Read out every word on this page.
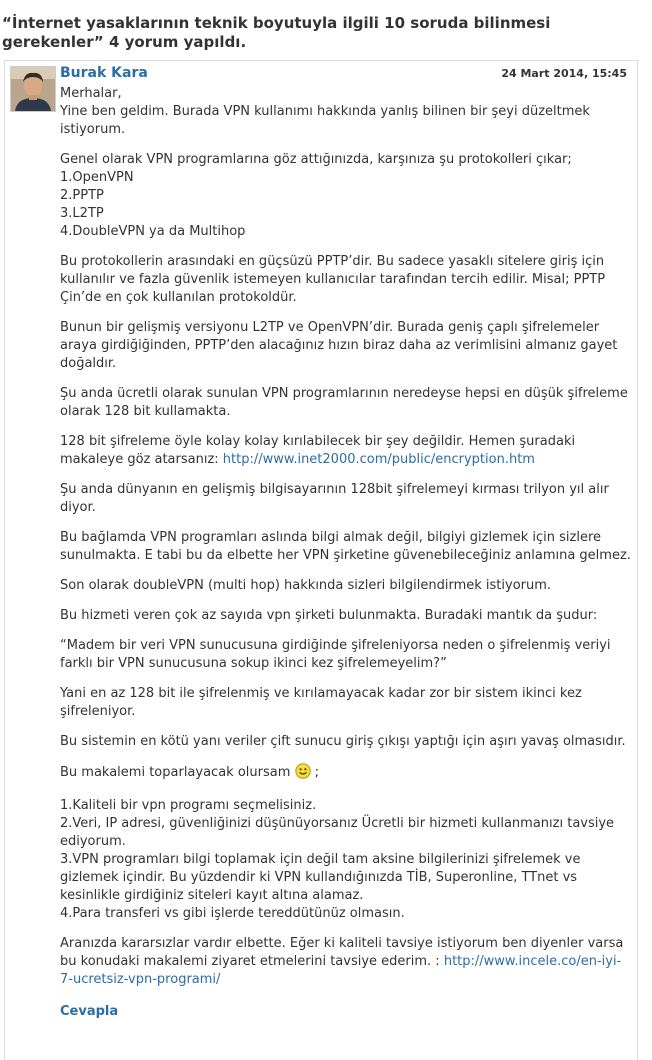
“İnternet yasaklarının teknik boyutuyla ilgili 10 soruda bilinmesi gerekenler” 4 yorum yapıldı.
Burak Kara	24 Mart 2014, 15:45

Merhalar,
Yine ben geldim. Burada VPN kullanımı hakkında yanlış bilinen bir şeyi düzeltmek istiyorum.

Genel olarak VPN programlarına göz attığınızda, karşınıza şu protokolleri çıkar;
1.OpenVPN
2.PPTP
3.L2TP
4.DoubleVPN ya da Multihop

Bu protokollerin arasındaki en güçsüzü PPTP’dir. Bu sadece yasaklı sitelere giriş için kullanılır ve fazla güvenlik istemeyen kullanıcılar tarafından tercih edilir. Misal; PPTP Çin’de en çok kullanılan protokoldür.

Bunun bir gelişmiş versiyonu L2TP ve OpenVPN’dir. Burada geniş çaplı şifrelemeler araya girdiğiğinden, PPTP’den alacağınız hızın biraz daha az verimlisini almanız gayet doğaldır.

Şu anda ücretli olarak sunulan VPN programlarının neredeyse hepsi en düşük şifreleme olarak 128 bit kullamakta.

128 bit şifreleme öyle kolay kolay kırılabilecek bir şey değildir. Hemen şuradaki makaleye göz atarsanız: http://www.inet2000.com/public/encryption.htm

Şu anda dünyanın en gelişmiş bilgisayarının 128bit şifrelemeyi kırması trilyon yıl alır diyor.

Bu bağlamda VPN programları aslında bilgi almak değil, bilgiyi gizlemek için sizlere sunulmakta. E tabi bu da elbette her VPN şirketine güvenebileceğiniz anlamına gelmez.

Son olarak doubleVPN (multi hop) hakkında sizleri bilgilendirmek istiyorum.

Bu hizmeti veren çok az sayıda vpn şirketi bulunmakta. Buradaki mantık da şudur:

“Madem bir veri VPN sunucusuna girdiğinde şifreleniyorsa neden o şifrelenmiş veriyi farklı bir VPN sunucusuna sokup ikinci kez şifrelemeyelim?”

Yani en az 128 bit ile şifrelenmiş ve kırılamayacak kadar zor bir sistem ikinci kez şifreleniyor.

Bu sistemin en kötü yanı veriler çift sunucu giriş çıkışı yaptığı için aşırı yavaş olmasıdır.

Bu makalemi toparlayacak olursam  ;

1.Kaliteli bir vpn programı seçmelisiniz.
2.Veri, IP adresi, güvenliğinizi düşünüyorsanız Ücretli bir hizmeti kullanmanızı tavsiye ediyorum.
3.VPN programları bilgi toplamak için değil tam aksine bilgilerinizi şifrelemek ve gizlemek içindir. Bu yüzdendir ki VPN kullandığınızda TİB, Superonline, TTnet vs kesinlikle girdiğiniz siteleri kayıt altına alamaz.
4.Para transferi vs gibi işlerde tereddütünüz olmasın.

Aranızda kararsızlar vardır elbette. Eğer ki kaliteli tavsiye istiyorum ben diyenler varsa bu konudaki makalemi ziyaret etmelerini tavsiye ederim. : http://www.incele.co/en-iyi-7-ucretsiz-vpn-programi/

Cevapla
